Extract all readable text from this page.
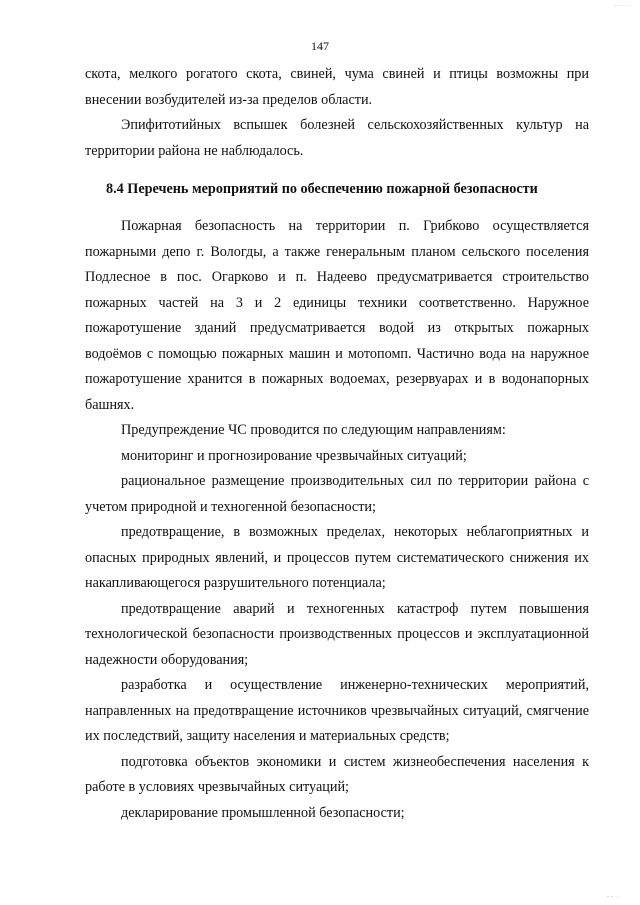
₋₋₋ ·
147

скота, мелкого рогатого скота, свиней, чума свиней и птицы возможны при внесении возбудителей из-за пределов области.

Эпифитотийных вспышек болезней сельскохозяйственных культур на территории района не наблюдалось.

8.4 Перечень мероприятий по обеспечению пожарной безопасности

Пожарная безопасность на территории п. Грибково осуществляется пожарными депо г. Вологды, а также генеральным планом сельского поселения Подлесное в пос. Огарково и п. Надеево предусматривается строительство пожарных частей на 3 и 2 единицы техники соответственно. Наружное пожаротушение зданий предусматривается водой из открытых пожарных водоёмов с помощью пожарных машин и мотопомп. Частично вода на наружное пожаротушение хранится в пожарных водоемах, резервуарах и в водонапорных башнях.

Предупреждение ЧС проводится по следующим направлениям:

мониторинг и прогнозирование чрезвычайных ситуаций;

рациональное размещение производительных сил по территории района с учетом природной и техногенной безопасности;

предотвращение, в возможных пределах, некоторых неблагоприятных и опасных природных явлений, и процессов путем систематического снижения их накапливающегося разрушительного потенциала;

предотвращение аварий и техногенных катастроф путем повышения технологической безопасности производственных процессов и эксплуатационной надежности оборудования;

разработка и осуществление инженерно-технических мероприятий, направленных на предотвращение источников чрезвычайных ситуаций, смягчение их последствий, защиту населения и материальных средств;

подготовка объектов экономики и систем жизнеобеспечения населения к работе в условиях чрезвычайных ситуаций;

декларирование промышленной безопасности;

₋₋ ·
